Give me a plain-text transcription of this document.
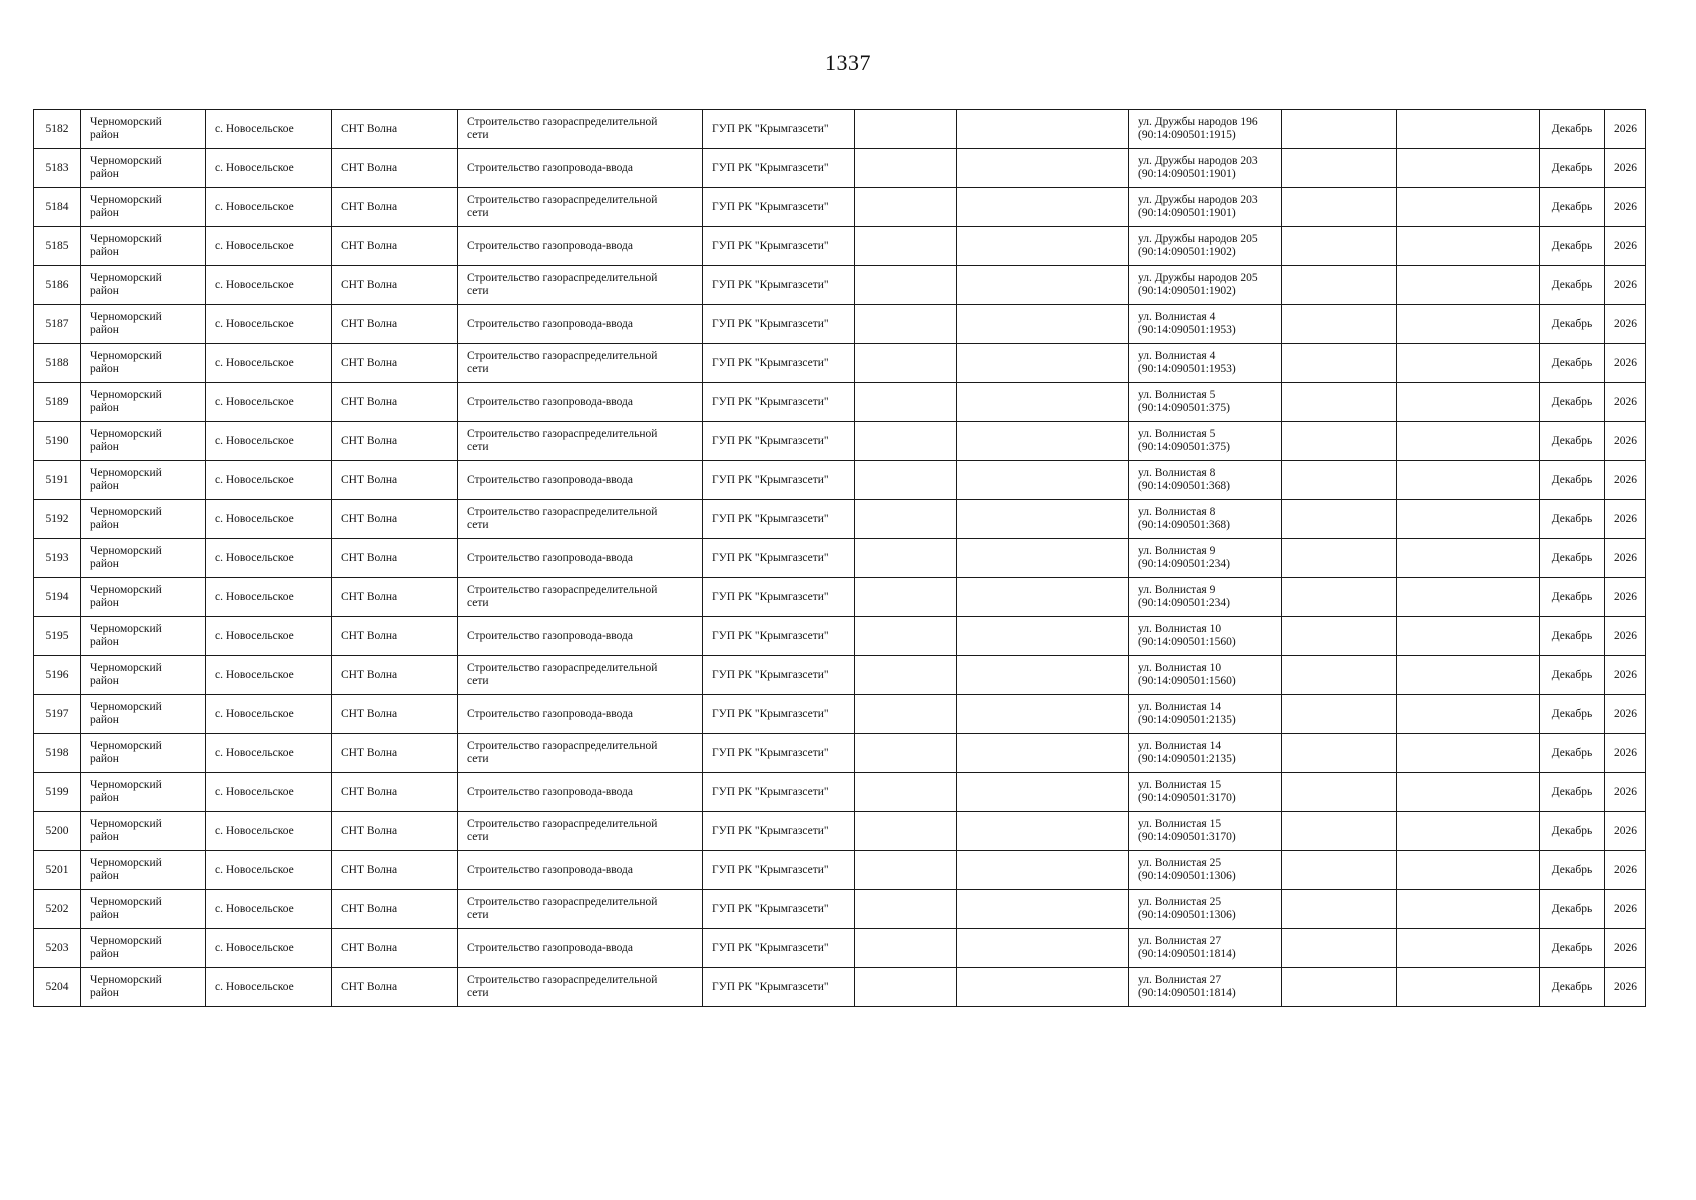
1337
5182	Черноморский
район	с. Новосельское	СНТ Волна	Строительство газораспределительной
сети	ГУП РК "Крымгазсети"			ул. Дружбы народов 196
(90:14:090501:1915)			Декабрь	2026
5183	Черноморский
район	с. Новосельское	СНТ Волна	Строительство газопровода-ввода	ГУП РК "Крымгазсети"			ул. Дружбы народов 203
(90:14:090501:1901)			Декабрь	2026
5184	Черноморский
район	с. Новосельское	СНТ Волна	Строительство газораспределительной
сети	ГУП РК "Крымгазсети"			ул. Дружбы народов 203
(90:14:090501:1901)			Декабрь	2026
5185	Черноморский
район	с. Новосельское	СНТ Волна	Строительство газопровода-ввода	ГУП РК "Крымгазсети"			ул. Дружбы народов 205
(90:14:090501:1902)			Декабрь	2026
5186	Черноморский
район	с. Новосельское	СНТ Волна	Строительство газораспределительной
сети	ГУП РК "Крымгазсети"			ул. Дружбы народов 205
(90:14:090501:1902)			Декабрь	2026
5187	Черноморский
район	с. Новосельское	СНТ Волна	Строительство газопровода-ввода	ГУП РК "Крымгазсети"			ул. Волнистая 4
(90:14:090501:1953)			Декабрь	2026
5188	Черноморский
район	с. Новосельское	СНТ Волна	Строительство газораспределительной
сети	ГУП РК "Крымгазсети"			ул. Волнистая 4
(90:14:090501:1953)			Декабрь	2026
5189	Черноморский
район	с. Новосельское	СНТ Волна	Строительство газопровода-ввода	ГУП РК "Крымгазсети"			ул. Волнистая 5
(90:14:090501:375)			Декабрь	2026
5190	Черноморский
район	с. Новосельское	СНТ Волна	Строительство газораспределительной
сети	ГУП РК "Крымгазсети"			ул. Волнистая 5
(90:14:090501:375)			Декабрь	2026
5191	Черноморский
район	с. Новосельское	СНТ Волна	Строительство газопровода-ввода	ГУП РК "Крымгазсети"			ул. Волнистая 8
(90:14:090501:368)			Декабрь	2026
5192	Черноморский
район	с. Новосельское	СНТ Волна	Строительство газораспределительной
сети	ГУП РК "Крымгазсети"			ул. Волнистая 8
(90:14:090501:368)			Декабрь	2026
5193	Черноморский
район	с. Новосельское	СНТ Волна	Строительство газопровода-ввода	ГУП РК "Крымгазсети"			ул. Волнистая 9
(90:14:090501:234)			Декабрь	2026
5194	Черноморский
район	с. Новосельское	СНТ Волна	Строительство газораспределительной
сети	ГУП РК "Крымгазсети"			ул. Волнистая 9
(90:14:090501:234)			Декабрь	2026
5195	Черноморский
район	с. Новосельское	СНТ Волна	Строительство газопровода-ввода	ГУП РК "Крымгазсети"			ул. Волнистая 10
(90:14:090501:1560)			Декабрь	2026
5196	Черноморский
район	с. Новосельское	СНТ Волна	Строительство газораспределительной
сети	ГУП РК "Крымгазсети"			ул. Волнистая 10
(90:14:090501:1560)			Декабрь	2026
5197	Черноморский
район	с. Новосельское	СНТ Волна	Строительство газопровода-ввода	ГУП РК "Крымгазсети"			ул. Волнистая 14
(90:14:090501:2135)			Декабрь	2026
5198	Черноморский
район	с. Новосельское	СНТ Волна	Строительство газораспределительной
сети	ГУП РК "Крымгазсети"			ул. Волнистая 14
(90:14:090501:2135)			Декабрь	2026
5199	Черноморский
район	с. Новосельское	СНТ Волна	Строительство газопровода-ввода	ГУП РК "Крымгазсети"			ул. Волнистая 15
(90:14:090501:3170)			Декабрь	2026
5200	Черноморский
район	с. Новосельское	СНТ Волна	Строительство газораспределительной
сети	ГУП РК "Крымгазсети"			ул. Волнистая 15
(90:14:090501:3170)			Декабрь	2026
5201	Черноморский
район	с. Новосельское	СНТ Волна	Строительство газопровода-ввода	ГУП РК "Крымгазсети"			ул. Волнистая 25
(90:14:090501:1306)			Декабрь	2026
5202	Черноморский
район	с. Новосельское	СНТ Волна	Строительство газораспределительной
сети	ГУП РК "Крымгазсети"			ул. Волнистая 25
(90:14:090501:1306)			Декабрь	2026
5203	Черноморский
район	с. Новосельское	СНТ Волна	Строительство газопровода-ввода	ГУП РК "Крымгазсети"			ул. Волнистая 27
(90:14:090501:1814)			Декабрь	2026
5204	Черноморский
район	с. Новосельское	СНТ Волна	Строительство газораспределительной
сети	ГУП РК "Крымгазсети"			ул. Волнистая 27
(90:14:090501:1814)			Декабрь	2026
